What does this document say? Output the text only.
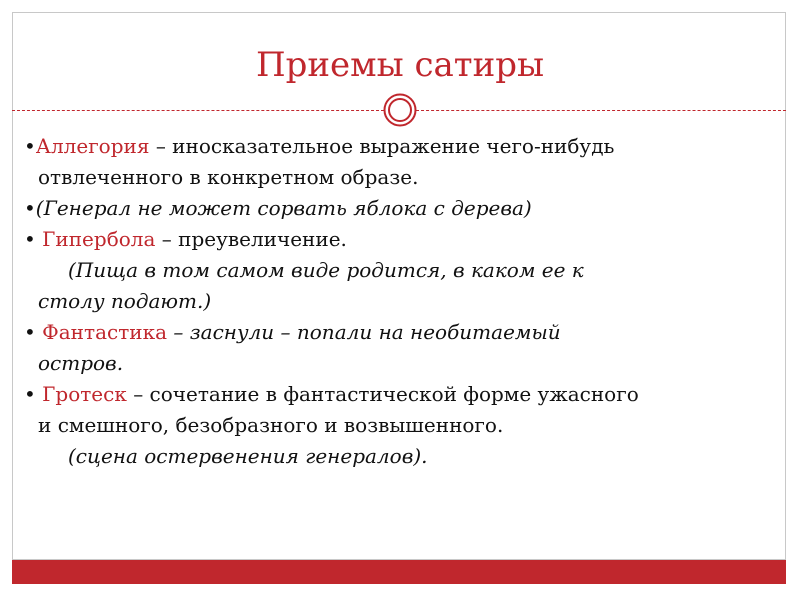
Приемы сатиры
•Аллегория – иносказательное выражение чего-нибудь
отвлеченного в конкретном образе.
•(Генерал не может сорвать яблока с дерева)
• Гипербола – преувеличение.
(Пища в том самом виде родится, в каком ее к
столу подают.)
• Фантастика – заснули – попали на необитаемый
остров.
• Гротеск – сочетание в фантастической форме ужасного
и смешного, безобразного и возвышенного.
(сцена остервенения генералов).
